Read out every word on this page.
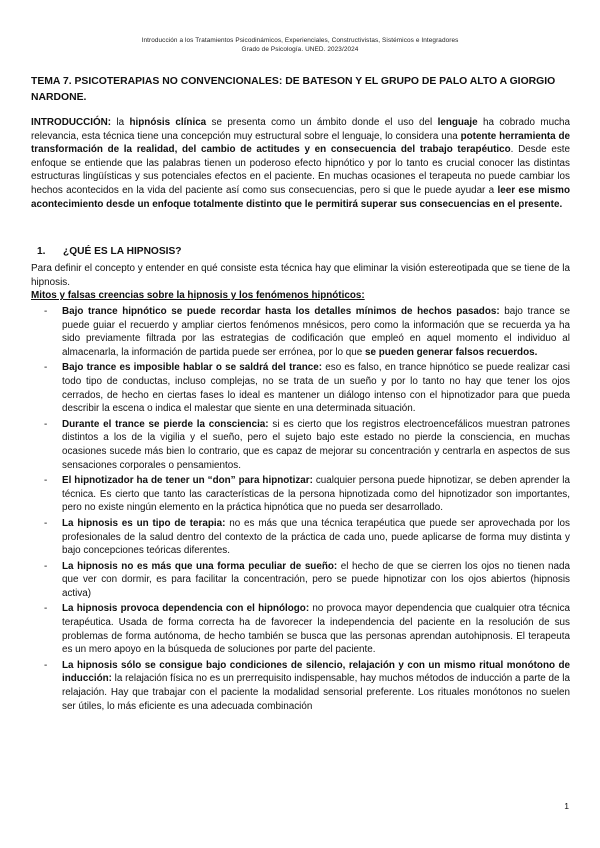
Introducción a los Tratamientos Psicodinámicos, Experienciales, Constructivistas, Sistémicos e Integradores
Grado de Psicología. UNED. 2023/2024
TEMA 7. PSICOTERAPIAS NO CONVENCIONALES: DE BATESON Y EL GRUPO DE PALO ALTO A GIORGIO NARDONE.
INTRODUCCIÓN: la hipnósis clínica se presenta como un ámbito donde el uso del lenguaje ha cobrado mucha relevancia, esta técnica tiene una concepción muy estructural sobre el lenguaje, lo considera una potente herramienta de transformación de la realidad, del cambio de actitudes y en consecuencia del trabajo terapéutico. Desde este enfoque se entiende que las palabras tienen un poderoso efecto hipnótico y por lo tanto es crucial conocer las distintas estructuras lingüísticas y sus potenciales efectos en el paciente. En muchas ocasiones el terapeuta no puede cambiar los hechos acontecidos en la vida del paciente así como sus consecuencias, pero si que le puede ayudar a leer ese mismo acontecimiento desde un enfoque totalmente distinto que le permitirá superar sus consecuencias en el presente.
1. ¿QUÉ ES LA HIPNOSIS?
Para definir el concepto y entender en qué consiste esta técnica hay que eliminar la visión estereotipada que se tiene de la hipnosis.
Mitos y falsas creencias sobre la hipnosis y los fenómenos hipnóticos:
- Bajo trance hipnótico se puede recordar hasta los detalles mínimos de hechos pasados: bajo trance se puede guiar el recuerdo y ampliar ciertos fenómenos mnésicos, pero como la información que se recuerda ya ha sido previamente filtrada por las estrategias de codificación que empleó en aquel momento el individuo al almacenarla, la información de partida puede ser errónea, por lo que se pueden generar falsos recuerdos.
- Bajo trance es imposible hablar o se saldrá del trance: eso es falso, en trance hipnótico se puede realizar casi todo tipo de conductas, incluso complejas, no se trata de un sueño y por lo tanto no hay que tener los ojos cerrados, de hecho en ciertas fases lo ideal es mantener un diálogo intenso con el hipnotizador para que pueda describir la escena o indica el malestar que siente en una determinada situación.
- Durante el trance se pierde la consciencia: si es cierto que los registros electroencefálicos muestran patrones distintos a los de la vigilia y el sueño, pero el sujeto bajo este estado no pierde la consciencia, en muchas ocasiones sucede más bien lo contrario, que es capaz de mejorar su concentración y centrarla en aspectos de sus sensaciones corporales o pensamientos.
- El hipnotizador ha de tener un “don” para hipnotizar: cualquier persona puede hipnotizar, se deben aprender la técnica. Es cierto que tanto las características de la persona hipnotizada como del hipnotizador son importantes, pero no existe ningún elemento en la práctica hipnótica que no pueda ser desarrollado.
- La hipnosis es un tipo de terapia: no es más que una técnica terapéutica que puede ser aprovechada por los profesionales de la salud dentro del contexto de la práctica de cada uno, puede aplicarse de forma muy distinta y bajo concepciones teóricas diferentes.
- La hipnosis no es más que una forma peculiar de sueño: el hecho de que se cierren los ojos no tienen nada que ver con dormir, es para facilitar la concentración, pero se puede hipnotizar con los ojos abiertos (hipnosis activa)
- La hipnosis provoca dependencia con el hipnólogo: no provoca mayor dependencia que cualquier otra técnica terapéutica. Usada de forma correcta ha de favorecer la independencia del paciente en la resolución de sus problemas de forma autónoma, de hecho también se busca que las personas aprendan autohipnosis. El terapeuta es un mero apoyo en la búsqueda de soluciones por parte del paciente.
- La hipnosis sólo se consigue bajo condiciones de silencio, relajación y con un mismo ritual monótono de inducción: la relajación física no es un prerrequisito indispensable, hay muchos métodos de inducción a parte de la relajación. Hay que trabajar con el paciente la modalidad sensorial preferente. Los rituales monótonos no suelen ser útiles, lo más eficiente es una adecuada combinación
1
